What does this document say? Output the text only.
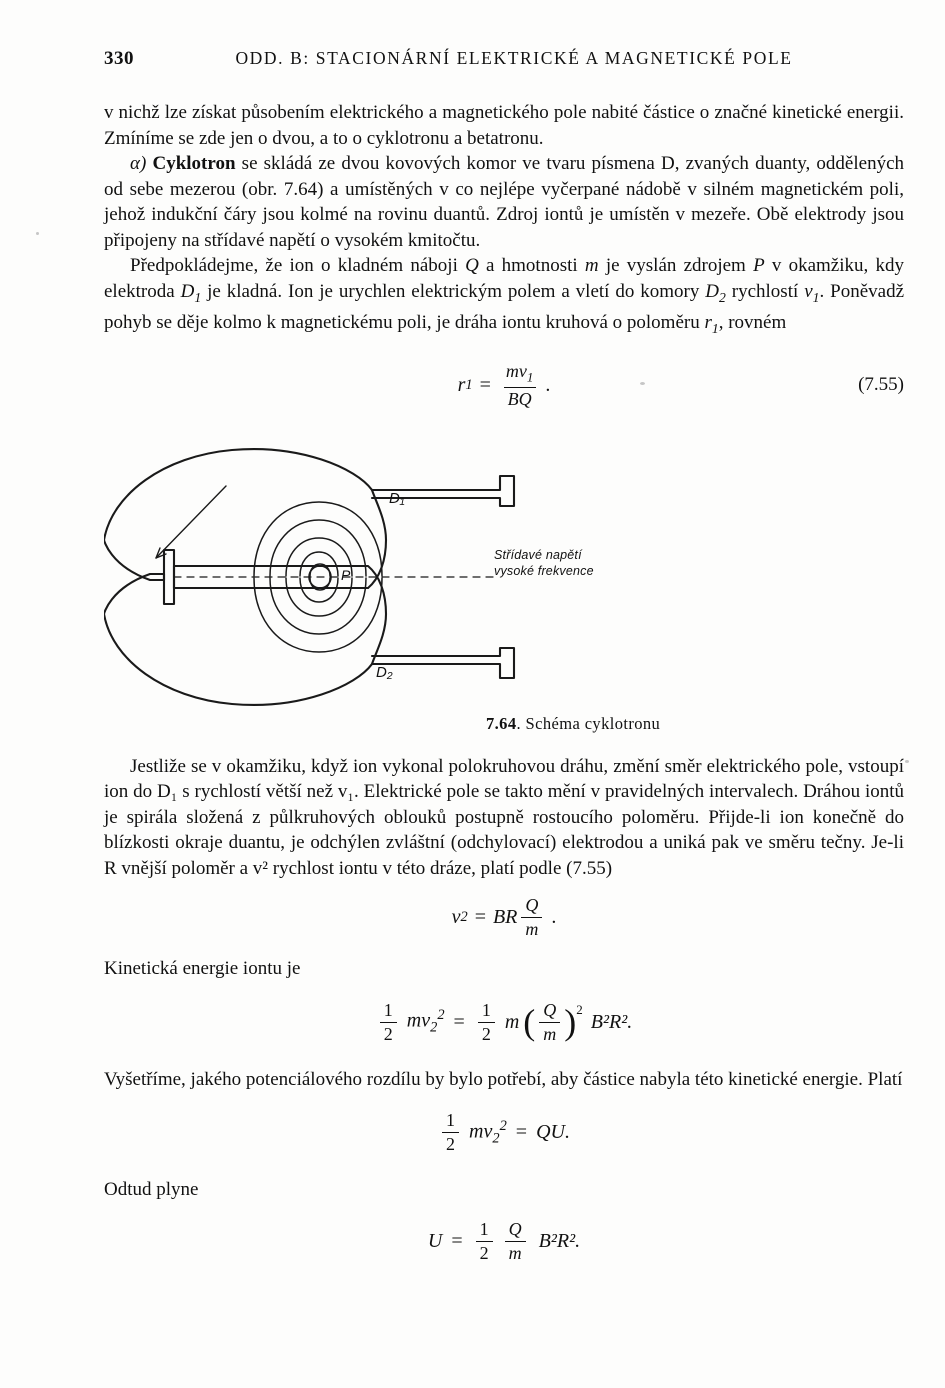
330	ODD. B: STACIONÁRNÍ ELEKTRICKÉ A MAGNETICKÉ POLE

v nichž lze získat působením elektrického a magnetického pole nabité částice o značné kinetické energii. Zmíníme se zde jen o dvou, a to o cyklotronu a betatronu.

α) Cyklotron se skládá ze dvou kovových komor ve tvaru písmena D, zvaných duanty, oddělených od sebe mezerou (obr. 7.64) a umístěných v co nejlépe vyčerpané nádobě v silném magnetickém poli, jehož indukční čáry jsou kolmé na rovinu duantů. Zdroj iontů je umístěn v mezeře. Obě elektrody jsou připojeny na střídavé napětí o vysokém kmitočtu.

Předpokládejme, že ion o kladném náboji Q a hmotnosti m je vyslán zdrojem P v okamžiku, kdy elektroda $D_1$ je kladná. Ion je urychlen elektrickým polem a vletí do komory $D_2$ rychlostí $v_1$. Poněvadž pohyb se děje kolmo k magnetickému poli, je dráha iontu kruhová o poloměru $r_1$, rovném

r $1 = \frac{mv_1}{BQ}$ .	(7.55)
D₁
D₂
P
Střídavé napětí
vysoké frekvence
7.64. Schéma cyklotronu

Jestliže se v okamžiku, když ion vykonal polokruhovou dráhu, změní směr elektrického pole, vstoupí ion do D₁ s rychlostí větší než v₁. Elektrické pole se takto mění v pravidelných intervalech. Dráhou iontů je spirála složená z půlkruhových oblouků postupně rostoucího poloměru. Přijde-li ion konečně do blízkosti okraje duantu, je odchýlen zvláštní (odchylovací) elektrodou a uniká pak ve směru tečny. Je-li R vnější poloměr a v² rychlost iontu v této dráze, platí podle (7.55)

v 2 = BR $\frac{Q}{m}$ .

Kinetická energie iontu je

$\frac{1}{2} mv_2^2 = \frac{1}{2}$ m ( $\frac{Q}{m} )^2$
B²R².

Vyšetříme, jakého potenciálového rozdílu by bylo potřebí, aby částice nabyla této kinetické energie. Platí

$\frac{1}{2} mv_2^2$ = QU.

Odtud plyne

$U = \frac{1}{2} \frac{Q}{m} B^2R^2$.
